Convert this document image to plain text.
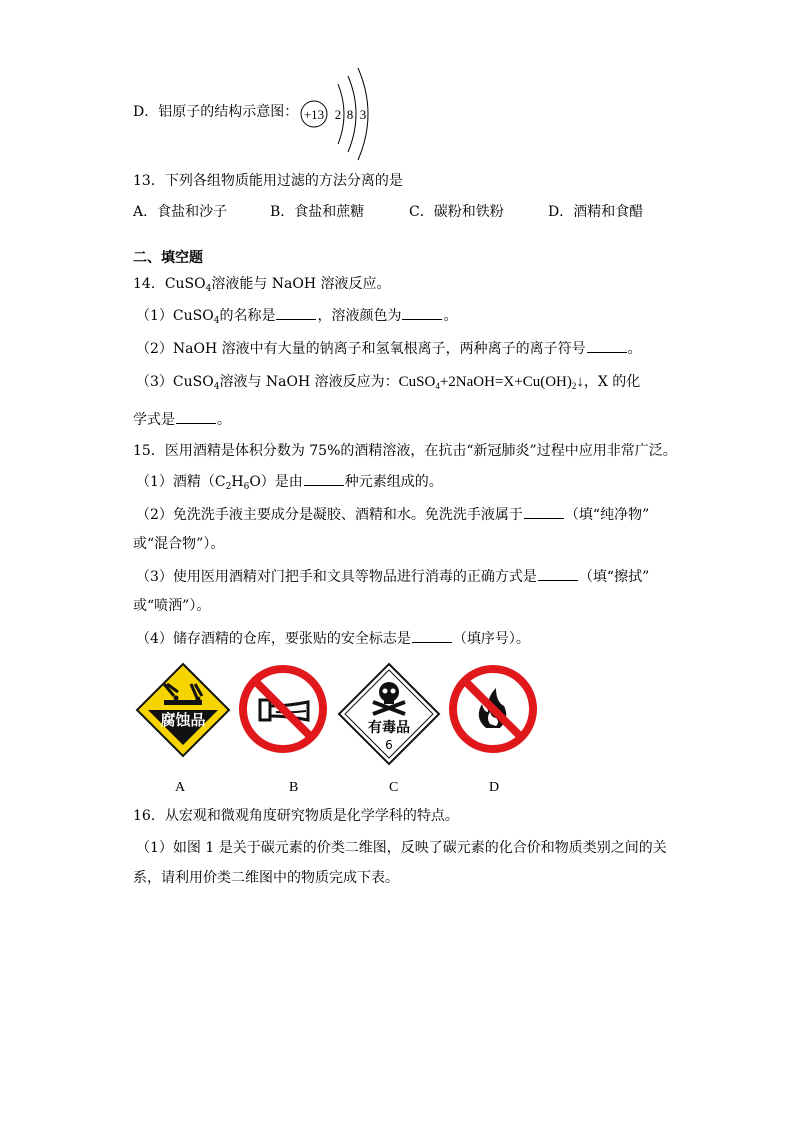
D．铝原子的结构示意图： +13 2 8 3
13．下列各组物质能用过滤的方法分离的是
A．食盐和沙子	B．食盐和蔗糖	C．碳粉和铁粉	D．酒精和食醋
二、填空题
14．CuSO$_4$溶液能与 NaOH 溶液反应。
（1）CuSO$_4$的名称是	，溶液颜色为	。
（2）NaOH 溶液中有大量的钠离子和氢氧根离子，两种离子的离子符号	。
（3）CuSO$_4$溶液与 NaOH 溶液反应为：$CuSO_4+2NaOH=X+Cu(OH)_2↓$，X 的化
学式是	。
15．医用酒精是体积分数为 75%的酒精溶液，在抗击“新冠肺炎”过程中应用非常广泛。
（1）酒精$(C_2H_6O)$是由	种元素组成的。
（2）免洗洗手液主要成分是凝胶、酒精和水。免洗洗手液属于	（填“纯净物”
或“混合物”）。
（3）使用医用酒精对门把手和文具等物品进行消毒的正确方式是	（填“擦拭”
或“喷洒”）。
（4）储存酒精的仓库，要张贴的安全标志是	（填序号）。
腐蚀品	有毒品
6
A	B	C	D
16．从宏观和微观角度研究物质是化学学科的特点。
（1）如图 1 是关于碳元素的价类二维图，反映了碳元素的化合价和物质类别之间的关
系，请利用价类二维图中的物质完成下表。
